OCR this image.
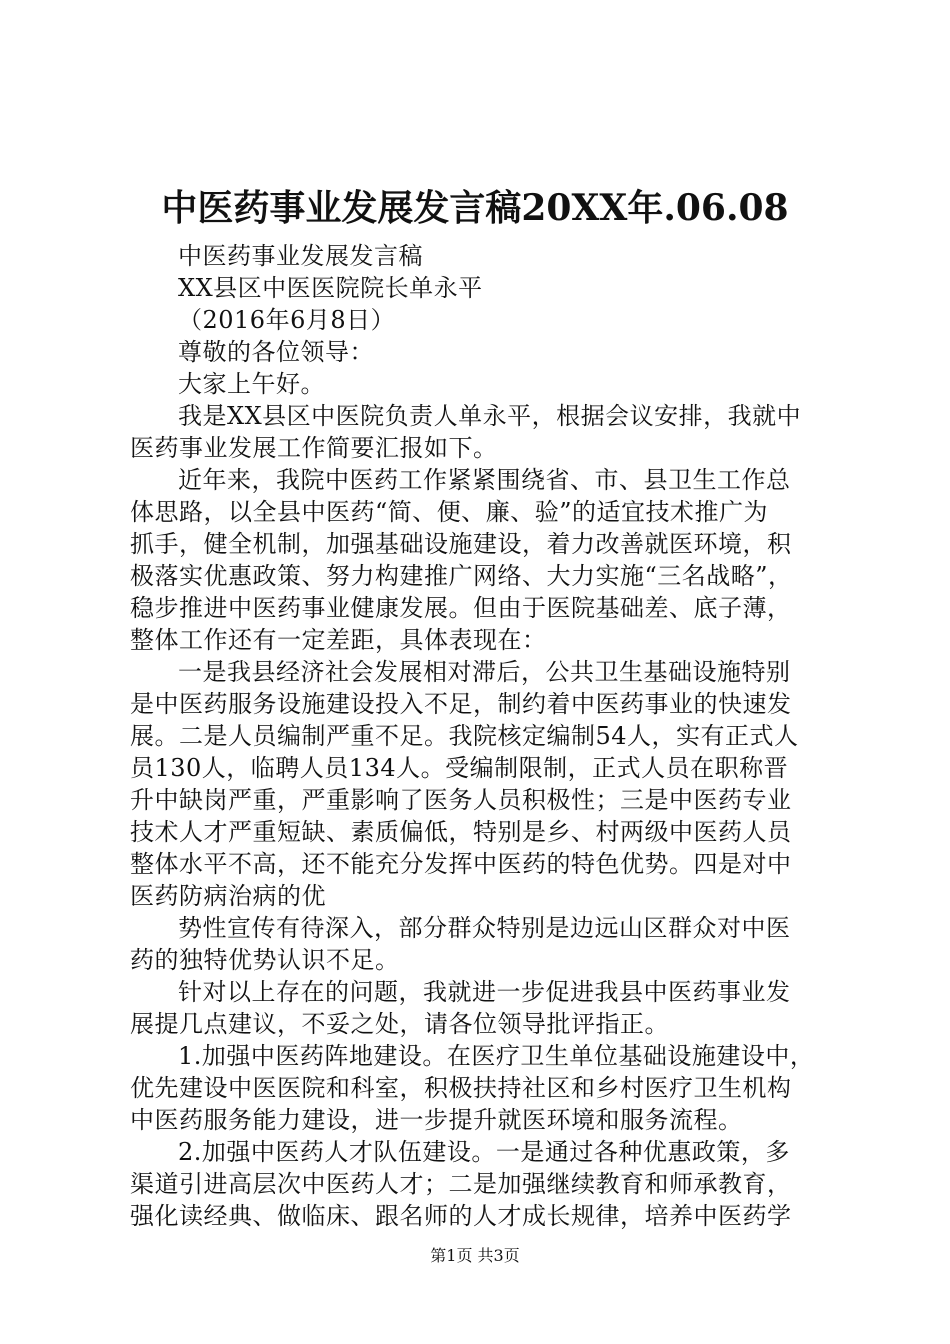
中医药事业发展发言稿20XX年.06.08
中医药事业发展发言稿
XX县区中医医院院长单永平
（2016年6月8日）
尊敬的各位领导：
大家上午好。
我是XX县区中医院负责人单永平，根据会议安排，我就中
医药事业发展工作简要汇报如下。
近年来，我院中医药工作紧紧围绕省、市、县卫生工作总
体思路，以全县中医药“简、便、廉、验”的适宜技术推广为
抓手，健全机制，加强基础设施建设，着力改善就医环境，积
极落实优惠政策、努力构建推广网络、大力实施“三名战略”，
稳步推进中医药事业健康发展。但由于医院基础差、底子薄，
整体工作还有一定差距，具体表现在：
一是我县经济社会发展相对滞后，公共卫生基础设施特别
是中医药服务设施建设投入不足，制约着中医药事业的快速发
展。二是人员编制严重不足。我院核定编制54人，实有正式人
员130人，临聘人员134人。受编制限制，正式人员在职称晋
升中缺岗严重，严重影响了医务人员积极性；三是中医药专业
技术人才严重短缺、素质偏低，特别是乡、村两级中医药人员
整体水平不高，还不能充分发挥中医药的特色优势。四是对中
医药防病治病的优
势性宣传有待深入，部分群众特别是边远山区群众对中医
药的独特优势认识不足。
针对以上存在的问题，我就进一步促进我县中医药事业发
展提几点建议，不妥之处，请各位领导批评指正。
1.加强中医药阵地建设。在医疗卫生单位基础设施建设中，
优先建设中医医院和科室，积极扶持社区和乡村医疗卫生机构
中医药服务能力建设，进一步提升就医环境和服务流程。
2.加强中医药人才队伍建设。一是通过各种优惠政策，多
渠道引进高层次中医药人才；二是加强继续教育和师承教育，
强化读经典、做临床、跟名师的人才成长规律，培养中医药学
第1页 共3页
